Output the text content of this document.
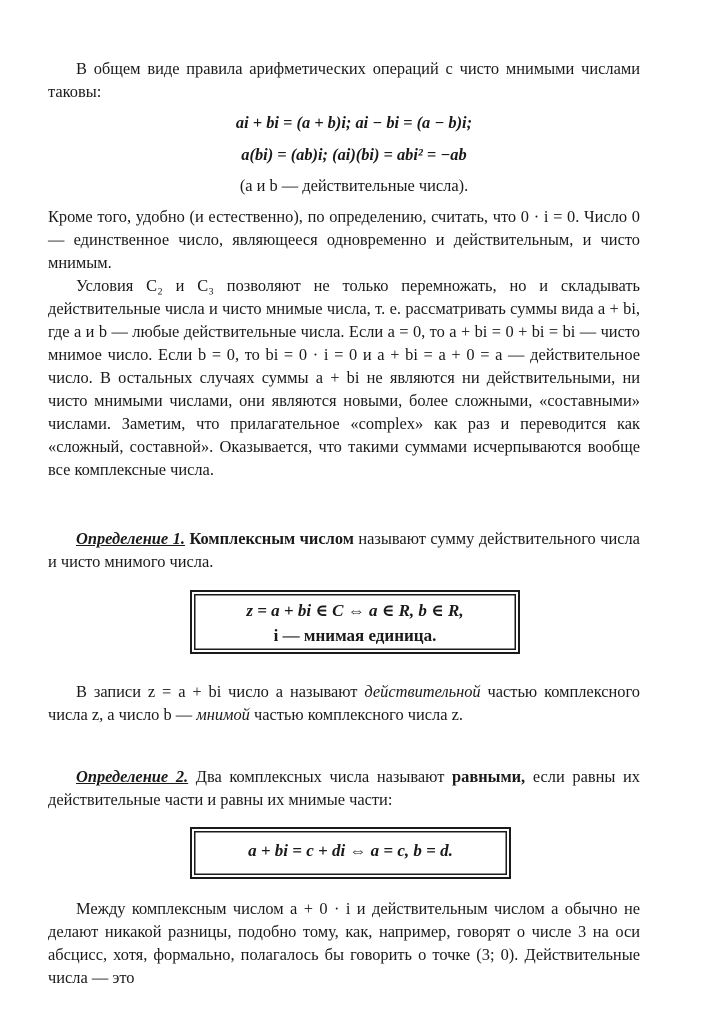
В общем виде правила арифметических операций с чисто мнимыми числами таковы:

ai + bi = (a + b)i; ai − bi = (a − b)i;
a(bi) = (ab)i; (ai)(bi) = abi² = −ab
(a и b — действительные числа).

Кроме того, удобно (и естественно), по определению, считать, что 0 · i = 0. Число 0 — единственное число, являющееся одновременно и действительным, и чисто мнимым.

Условия C₂ и C₃ позволяют не только перемножать, но и складывать действительные числа и чисто мнимые числа, т. е. рассматривать суммы вида a + bi, где a и b — любые действительные числа. Если a = 0, то a + bi = 0 + bi = bi — чисто мнимое число. Если b = 0, то bi = 0 · i = 0 и a + bi = a + 0 = a — действительное число. В остальных случаях суммы a + bi не являются ни действительными, ни чисто мнимыми числами, они являются новыми, более сложными, «составными» числами. Заметим, что прилагательное «complex» как раз и переводится как «сложный, составной». Оказывается, что такими суммами исчерпываются вообще все комплексные числа.

Определение 1. Комплексным числом называют сумму действительного числа и чисто мнимого числа.

z = a + bi ∈ C ⇔ a ∈ R, b ∈ R,
i — мнимая единица.

В записи z = a + bi число a называют действительной частью комплексного числа z, а число b — мнимой частью комплексного числа z.

Определение 2. Два комплексных числа называют равными, если равны их действительные части и равны их мнимые части:

a + bi = c + di ⇔ a = c, b = d.

Между комплексным числом a + 0 · i и действительным числом a обычно не делают никакой разницы, подобно тому, как, например, говорят о числе 3 на оси абсцисс, хотя, формально, полагалось бы говорить о точке (3; 0). Действительные числа — это
